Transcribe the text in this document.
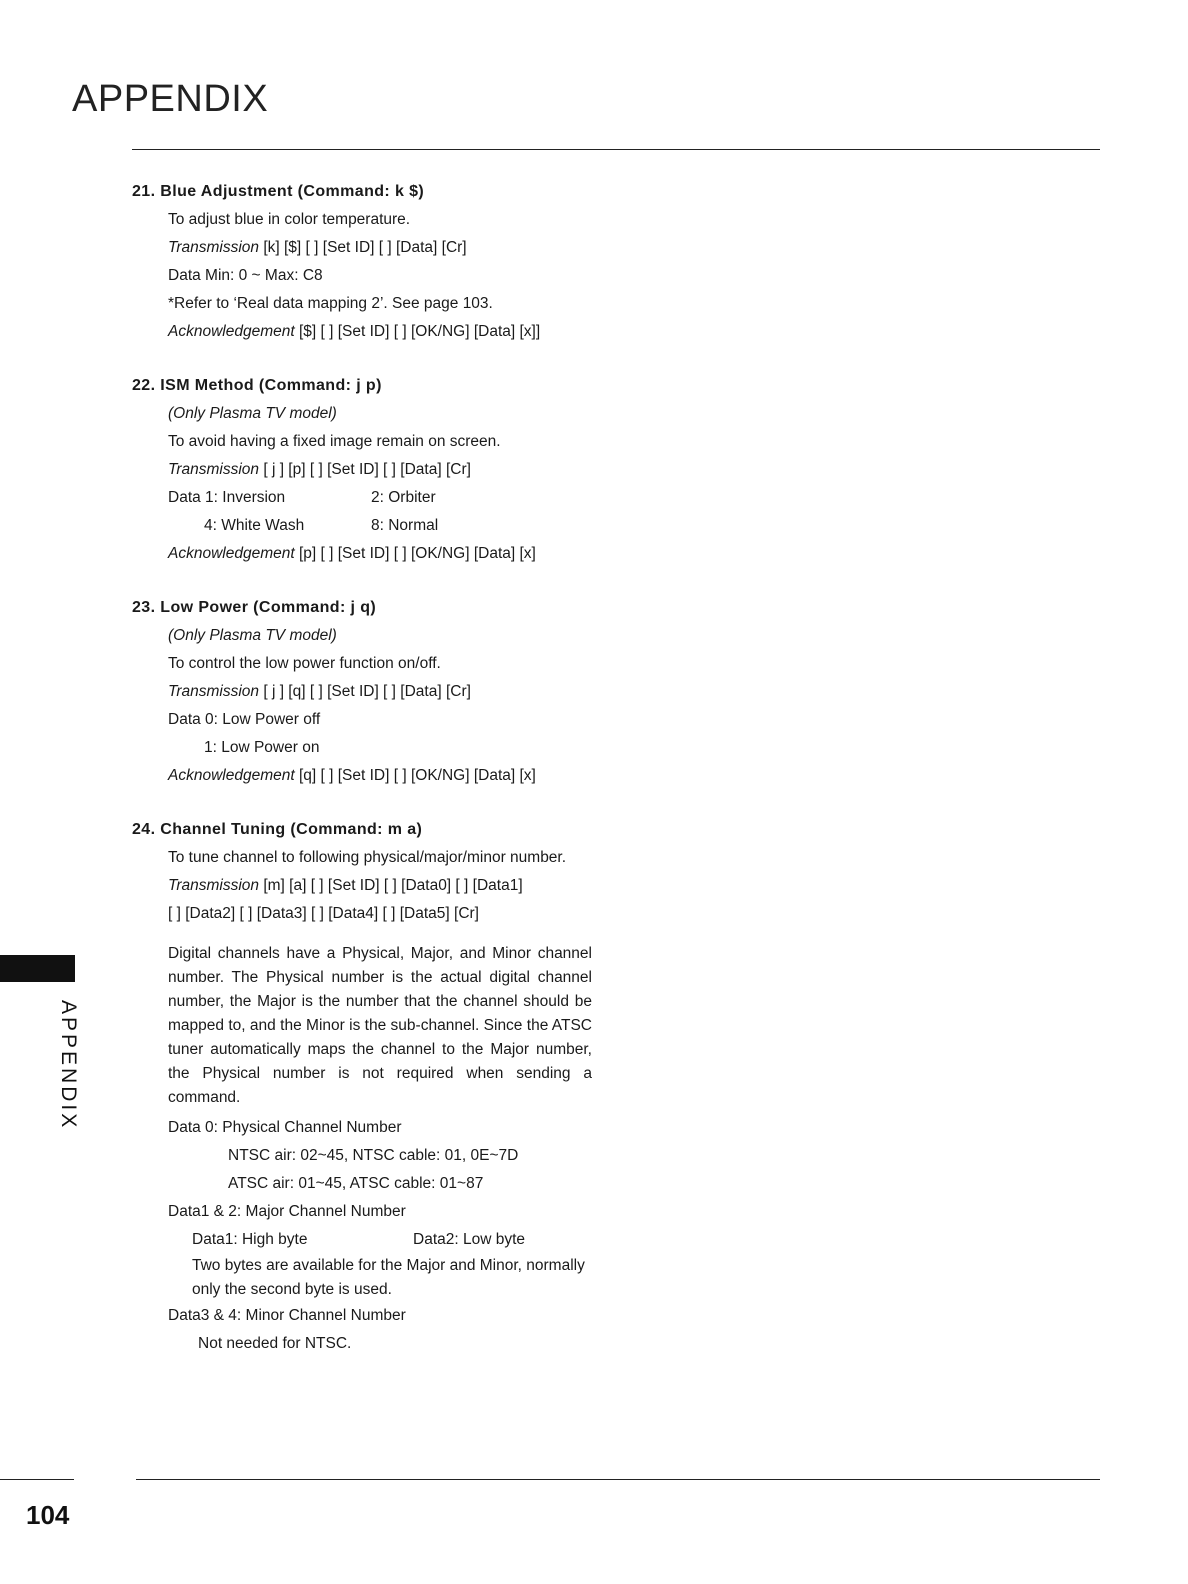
APPENDIX
21. Blue Adjustment (Command: k $)
To adjust blue in color temperature.
Transmission [k] [$] [ ] [Set ID] [ ] [Data] [Cr]
Data Min: 0 ~ Max: C8
*Refer to ‘Real data mapping 2’. See page 103.
Acknowledgement [$] [ ] [Set ID] [ ] [OK/NG] [Data] [x]]
22. ISM Method (Command: j p)
(Only Plasma TV model)
To avoid having a fixed image remain on screen.
Transmission [ j ] [p] [ ] [Set ID] [ ] [Data] [Cr]
Data 1: Inversion	2: Orbiter
4: White Wash	8: Normal
Acknowledgement [p] [ ] [Set ID] [ ] [OK/NG] [Data] [x]
23. Low Power (Command: j q)
(Only Plasma TV model)
To control the low power function on/off.
Transmission [ j ] [q] [ ] [Set ID] [ ] [Data] [Cr]
Data 0: Low Power off
1: Low Power on
Acknowledgement [q] [ ] [Set ID] [ ] [OK/NG] [Data] [x]
24. Channel Tuning (Command: m a)
To tune channel to following physical/major/minor number.
Transmission [m] [a] [ ] [Set ID] [ ] [Data0] [ ] [Data1]
[ ] [Data2] [ ] [Data3] [ ] [Data4] [ ] [Data5] [Cr]
Digital channels have a Physical, Major, and Minor channel number. The Physical number is the actual digital channel number, the Major is the number that the channel should be mapped to, and the Minor is the sub-channel. Since the ATSC tuner automatically maps the channel to the Major number, the Physical number is not required when sending a command.
Data 0: Physical Channel Number
NTSC air: 02~45, NTSC cable: 01, 0E~7D
ATSC air: 01~45, ATSC cable: 01~87
Data1 & 2: Major Channel Number
Data1: High byte	Data2: Low byte
Two bytes are available for the Major and Minor, normally only the second byte is used.
Data3 & 4: Minor Channel Number
Not needed for NTSC.
APPENDIX
104
